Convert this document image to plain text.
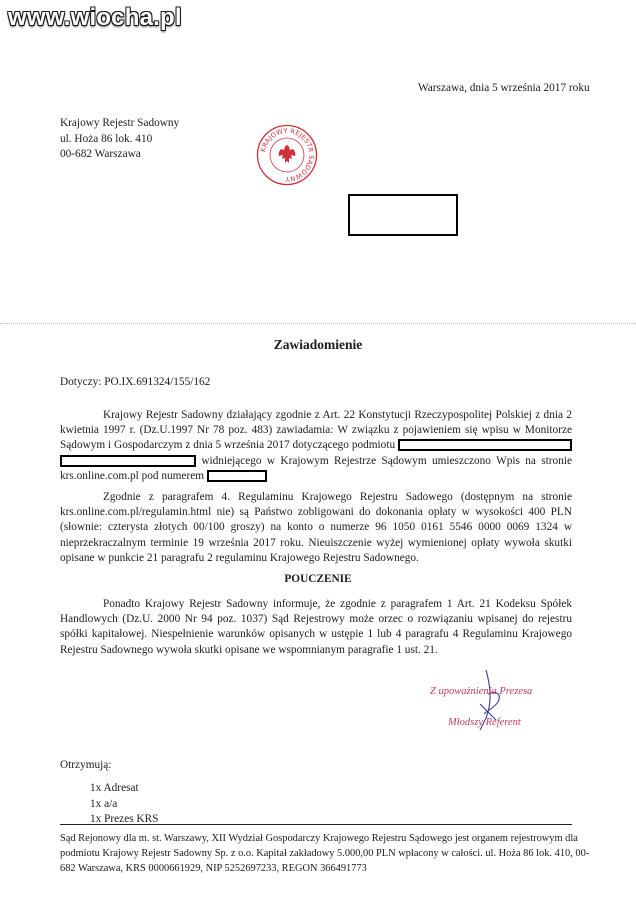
www.wiocha.pl
Warszawa, dnia 5 września 2017 roku
Krajowy Rejestr Sadowny
ul. Hoża 86 lok. 410
00-682 Warszawa	KRAJOWY REJESTR SĄDOWNY
Zawiadomienie
Dotyczy: PO.IX.691324/155/162
Krajowy Rejestr Sadowny działający zgodnie z Art. 22 Konstytucji Rzeczypospolitej Polskiej z dnia 2 kwietnia 1997 r. (Dz.U.1997 Nr 78 poz. 483) zawiadamia: W związku z pojawieniem się wpisu w Monitorze Sądowym i Gospodarczym z dnia 5 września 2017 dotyczącego podmiotu   widniejącego w Krajowym Rejestrze Sądowym umieszczono Wpis na stronie krs.online.com.pl pod numerem
Zgodnie z paragrafem 4. Regulaminu Krajowego Rejestru Sadowego (dostępnym na stronie krs.online.com.pl/regulamin.html nie) są Państwo zobligowani do dokonania opłaty w wysokości 400 PLN (słownie: czterysta złotych 00/100 groszy) na konto o numerze 96 1050 0161 5546 0000 0069 1324 w nieprzekraczalnym terminie 19 września 2017 roku. Nieuiszczenie wyżej wymienionej opłaty wywoła skutki opisane w punkcie 21 paragrafu 2 regulaminu Krajowego Rejestru Sadownego.
POUCZENIE
Ponadto Krajowy Rejestr Sadowny informuje, że zgodnie z paragrafem 1 Art. 21 Kodeksu Spółek Handlowych (Dz.U. 2000 Nr 94 poz. 1037) Sąd Rejestrowy może orzec o rozwiązaniu wpisanej do rejestru spółki kapitałowej. Niespełnienie warunków opisanych w ustępie 1 lub 4 paragrafu 4 Regulaminu Krajowego Rejestru Sadownego wywoła skutki opisane we wspomnianym paragrafie 1 ust. 21.
Z upoważnienia Prezesa
Młodszy Referent
Otrzymują:
1x Adresat
1x a/a
1x Prezes KRS
Sąd Rejonowy dla m. st. Warszawy, XII Wydział Gospodarczy Krajowego Rejestru Sądowego jest organem rejestrowym dla podmiotu Krajowy Rejestr Sadowny Sp. z o.o. Kapitał zakładowy 5.000,00 PLN wpłacony w całości. ul. Hoża 86 lok. 410, 00-682 Warszawa, KRS 0000661929, NIP 5252697233, REGON 366491773
